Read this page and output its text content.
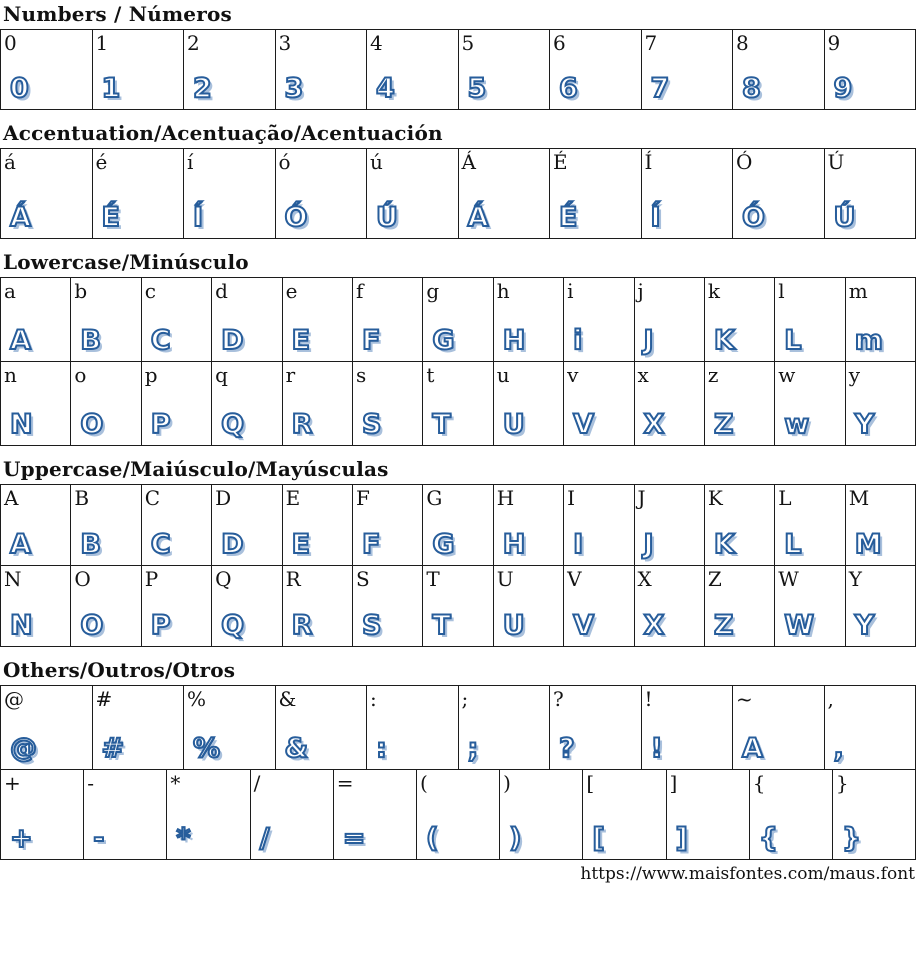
Numbers / Números
0
0
1
1
2
2
3
3
4
4
5
5
6
6
7
7
8
8
9
9
Accentuation/Acentuação/Acentuación
á
Á
é
É
í
Í
ó
Ó
ú
Ú
Á
Á
É
É
Í
Í
Ó
Ó
Ú
Ú
Lowercase/Minúsculo
a
A
b
B
c
C
d
D
e
E
f
F
g
G
h
H
i
i
j
J
k
K
l
L
m
m
n
N
o
O
p
P
q
Q
r
R
s
S
t
T
u
U
v
V
x
X
z
Z
w
w
y
Y
Uppercase/Maiúsculo/Mayúsculas
A
A
B
B
C
C
D
D
E
E
F
F
G
G
H
H
I
I
J
J
K
K
L
L
M
M
N
N
O
O
P
P
Q
Q
R
R
S
S
T
T
U
U
V
V
X
X
Z
Z
W
W
Y
Y
Others/Outros/Otros
@
@
#
#
%
%
&
&
:
:
;
;
?
?
!
!
~
A
,
,
+
+
-
-
*
*
/
/
=
=
(
(
)
)
[
[
]
]
{
{
}
}
https://www.maisfontes.com/maus.font
